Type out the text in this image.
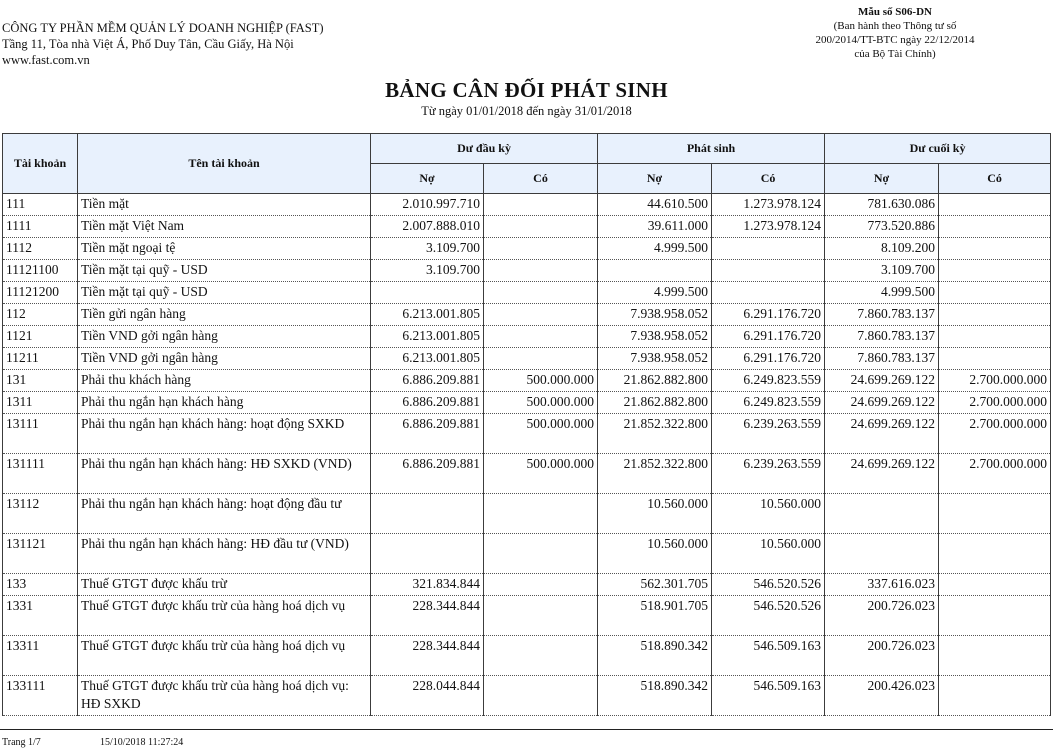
CÔNG TY PHẦN MỀM QUẢN LÝ DOANH NGHIỆP (FAST)
Tầng 11, Tòa nhà Việt Á, Phố Duy Tân, Cầu Giấy, Hà Nội
www.fast.com.vn
Mẫu số S06-DN
(Ban hành theo Thông tư số
200/2014/TT-BTC ngày 22/12/2014
của Bộ Tài Chính)
BẢNG CÂN ĐỐI PHÁT SINH
Từ ngày 01/01/2018 đến ngày 31/01/2018
Tài khoản	Tên tài khoản	Dư đầu kỳ		Phát sinh		Dư cuối kỳ	
		Nợ	Có	Nợ	Có	Nợ	Có
111	Tiền mặt	2.010.997.710		44.610.500	1.273.978.124	781.630.086	
1111	Tiền mặt Việt Nam	2.007.888.010		39.611.000	1.273.978.124	773.520.886	
1112	Tiền mặt ngoại tệ	3.109.700		4.999.500		8.109.200	
11121100	Tiền mặt tại quỹ - USD	3.109.700				3.109.700	
11121200	Tiền mặt tại quỹ - USD			4.999.500		4.999.500	
112	Tiền gửi ngân hàng	6.213.001.805		7.938.958.052	6.291.176.720	7.860.783.137	
1121	Tiền VND gởi ngân hàng	6.213.001.805		7.938.958.052	6.291.176.720	7.860.783.137	
11211	Tiền VND gởi ngân hàng	6.213.001.805		7.938.958.052	6.291.176.720	7.860.783.137	
131	Phải thu khách hàng	6.886.209.881	500.000.000	21.862.882.800	6.249.823.559	24.699.269.122	2.700.000.000
1311	Phải thu ngắn hạn khách hàng	6.886.209.881	500.000.000	21.862.882.800	6.249.823.559	24.699.269.122	2.700.000.000
13111	Phải thu ngắn hạn khách hàng: hoạt động SXKD	6.886.209.881	500.000.000	21.852.322.800	6.239.263.559	24.699.269.122	2.700.000.000
131111	Phải thu ngắn hạn khách hàng: HĐ SXKD (VND)	6.886.209.881	500.000.000	21.852.322.800	6.239.263.559	24.699.269.122	2.700.000.000
13112	Phải thu ngắn hạn khách hàng: hoạt động đầu tư			10.560.000	10.560.000		
131121	Phải thu ngắn hạn khách hàng: HĐ đầu tư (VND)			10.560.000	10.560.000		
133	Thuế GTGT được khấu trừ	321.834.844		562.301.705	546.520.526	337.616.023	
1331	Thuế GTGT được khấu trừ của hàng hoá dịch vụ	228.344.844		518.901.705	546.520.526	200.726.023	
13311	Thuế GTGT được khấu trừ của hàng hoá dịch vụ	228.344.844		518.890.342	546.509.163	200.726.023	
133111	Thuế GTGT được khấu trừ của hàng hoá dịch vụ: HĐ SXKD	228.044.844		518.890.342	546.509.163	200.426.023	
Trang 1/7	15/10/2018 11:27:24
